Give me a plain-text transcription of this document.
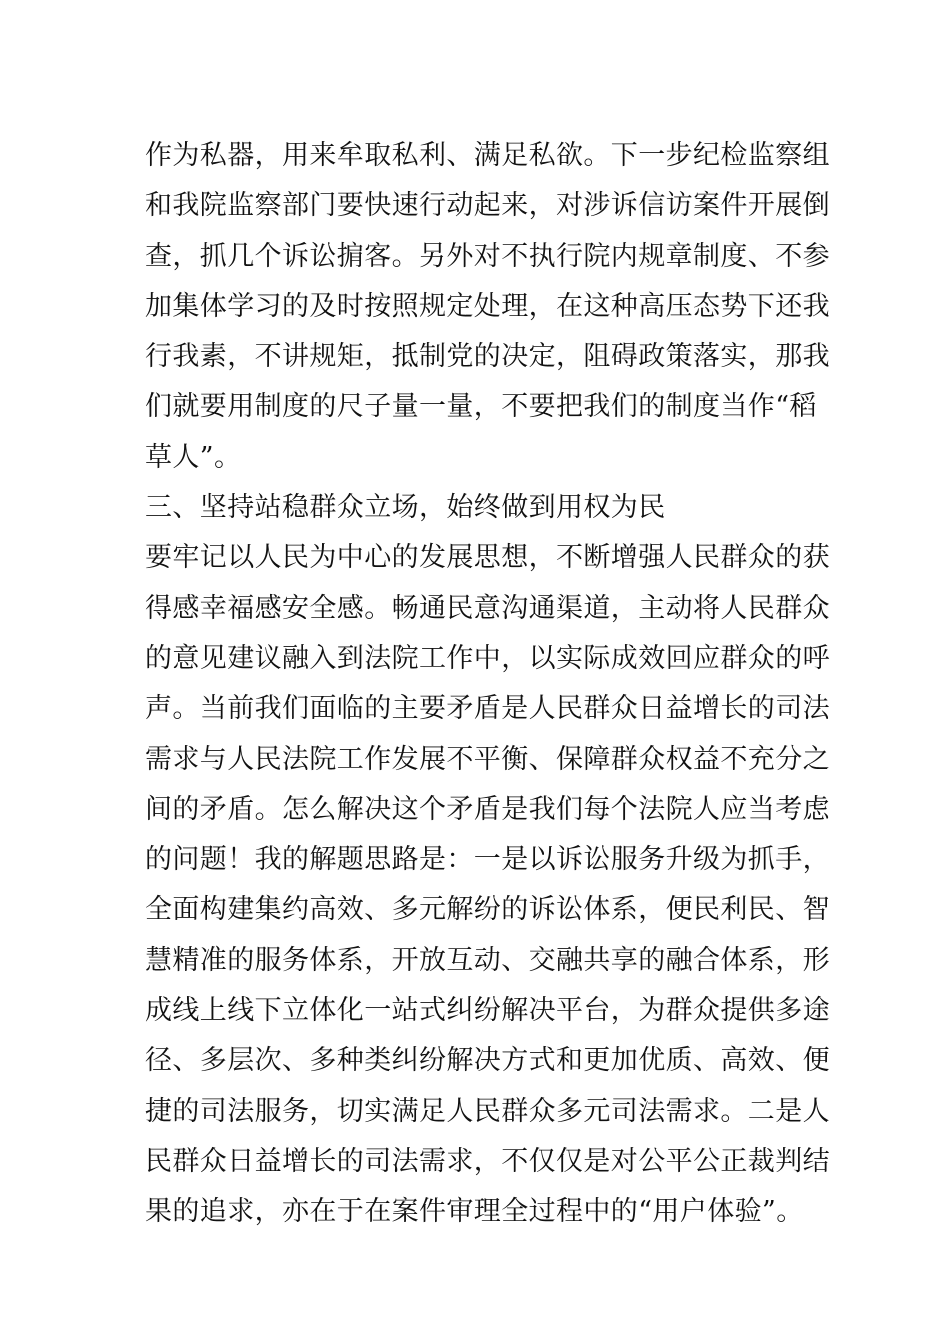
作为私器，用来牟取私利、满足私欲。下一步纪检监察组
和我院监察部门要快速行动起来，对涉诉信访案件开展倒
查，抓几个诉讼掮客。另外对不执行院内规章制度、不参
加集体学习的及时按照规定处理，在这种高压态势下还我
行我素，不讲规矩，抵制党的决定，阻碍政策落实，那我
们就要用制度的尺子量一量，不要把我们的制度当作“稻
草人”。
三、坚持站稳群众立场，始终做到用权为民
要牢记以人民为中心的发展思想，不断增强人民群众的获
得感幸福感安全感。畅通民意沟通渠道，主动将人民群众
的意见建议融入到法院工作中，以实际成效回应群众的呼
声。当前我们面临的主要矛盾是人民群众日益增长的司法
需求与人民法院工作发展不平衡、保障群众权益不充分之
间的矛盾。怎么解决这个矛盾是我们每个法院人应当考虑
的问题！我的解题思路是：一是以诉讼服务升级为抓手，
全面构建集约高效、多元解纷的诉讼体系，便民利民、智
慧精准的服务体系，开放互动、交融共享的融合体系，形
成线上线下立体化一站式纠纷解决平台，为群众提供多途
径、多层次、多种类纠纷解决方式和更加优质、高效、便
捷的司法服务，切实满足人民群众多元司法需求。二是人
民群众日益增长的司法需求，不仅仅是对公平公正裁判结
果的追求，亦在于在案件审理全过程中的“用户体验”。
